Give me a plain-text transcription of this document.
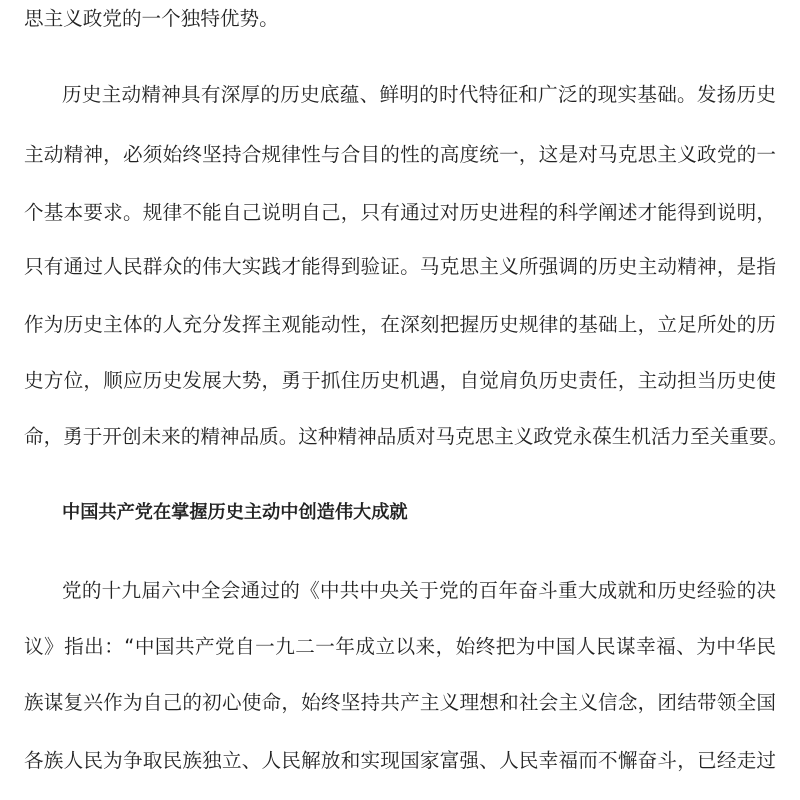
思主义政党的一个独特优势。
历史主动精神具有深厚的历史底蕴、鲜明的时代特征和广泛的现实基础。发扬历史
主动精神，必须始终坚持合规律性与合目的性的高度统一，这是对马克思主义政党的一
个基本要求。规律不能自己说明自己，只有通过对历史进程的科学阐述才能得到说明，
只有通过人民群众的伟大实践才能得到验证。马克思主义所强调的历史主动精神，是指
作为历史主体的人充分发挥主观能动性，在深刻把握历史规律的基础上，立足所处的历
史方位，顺应历史发展大势，勇于抓住历史机遇，自觉肩负历史责任，主动担当历史使
命，勇于开创未来的精神品质。这种精神品质对马克思主义政党永葆生机活力至关重要。
中国共产党在掌握历史主动中创造伟大成就
党的十九届六中全会通过的《中共中央关于党的百年奋斗重大成就和历史经验的决
议》指出：“中国共产党自一九二一年成立以来，始终把为中国人民谋幸福、为中华民
族谋复兴作为自己的初心使命，始终坚持共产主义理想和社会主义信念，团结带领全国
各族人民为争取民族独立、人民解放和实现国家富强、人民幸福而不懈奋斗，已经走过
